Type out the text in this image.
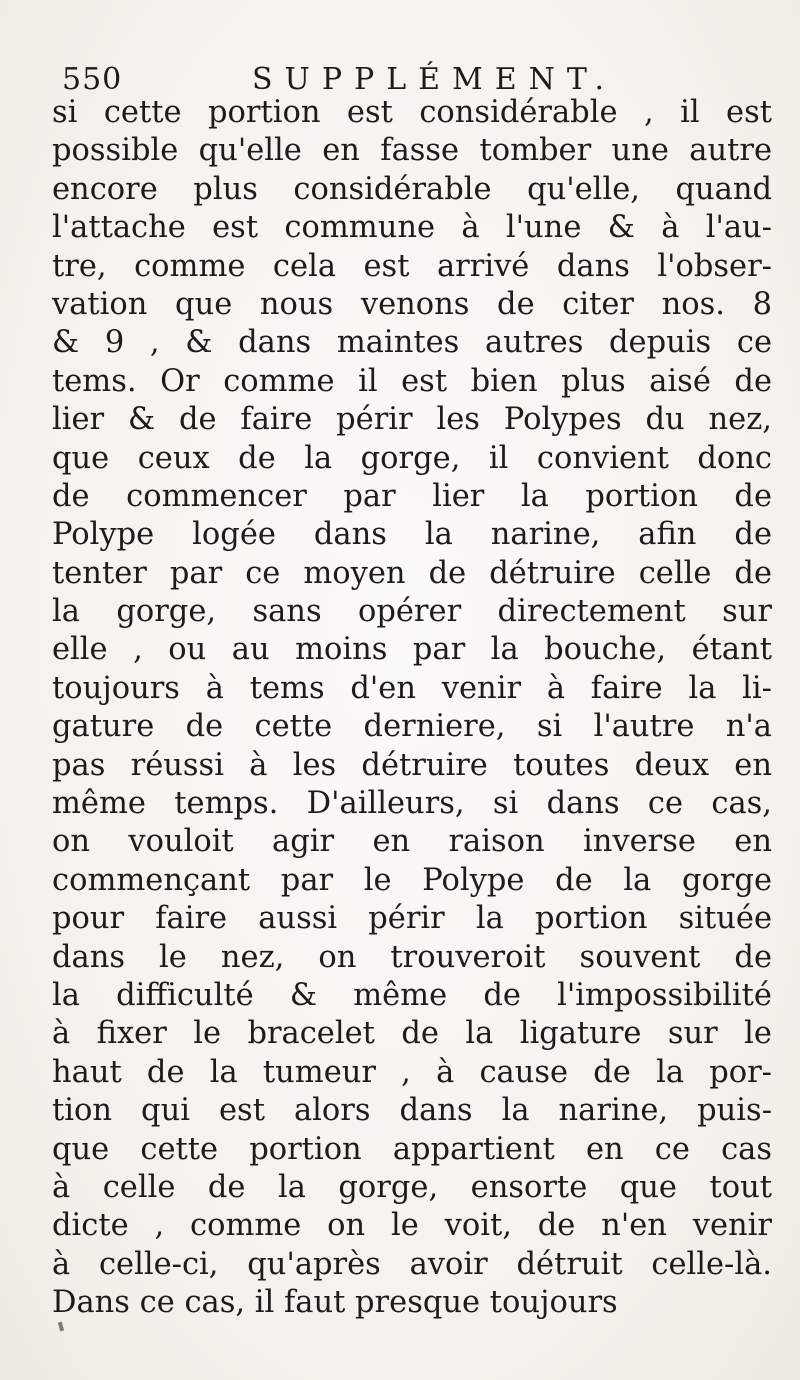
550	SUPPLÉMENT.
si cette portion est considérable , il est
possible qu'elle en fasse tomber une autre
encore plus considérable qu'elle, quand
l'attache est commune à l'une & à l'au-
tre, comme cela est arrivé dans l'obser-
vation que nous venons de citer nos. 8
& 9 , & dans maintes autres depuis ce
tems. Or comme il est bien plus aisé de
lier & de faire périr les Polypes du nez,
que ceux de la gorge, il convient donc
de commencer par lier la portion de
Polype logée dans la narine, afin de
tenter par ce moyen de détruire celle de
la gorge, sans opérer directement sur
elle , ou au moins par la bouche, étant
toujours à tems d'en venir à faire la li-
gature de cette derniere, si l'autre n'a
pas réussi à les détruire toutes deux en
même temps. D'ailleurs, si dans ce cas,
on vouloit agir en raison inverse en
commençant par le Polype de la gorge
pour faire aussi périr la portion située
dans le nez, on trouveroit souvent de
la difficulté & même de l'impossibilité
à fixer le bracelet de la ligature sur le
haut de la tumeur , à cause de la por-
tion qui est alors dans la narine, puis-
que cette portion appartient en ce cas
à celle de la gorge, ensorte que tout
dicte , comme on le voit, de n'en venir
à celle-ci, qu'après avoir détruit celle-là.
Dans ce cas, il faut presque toujours
